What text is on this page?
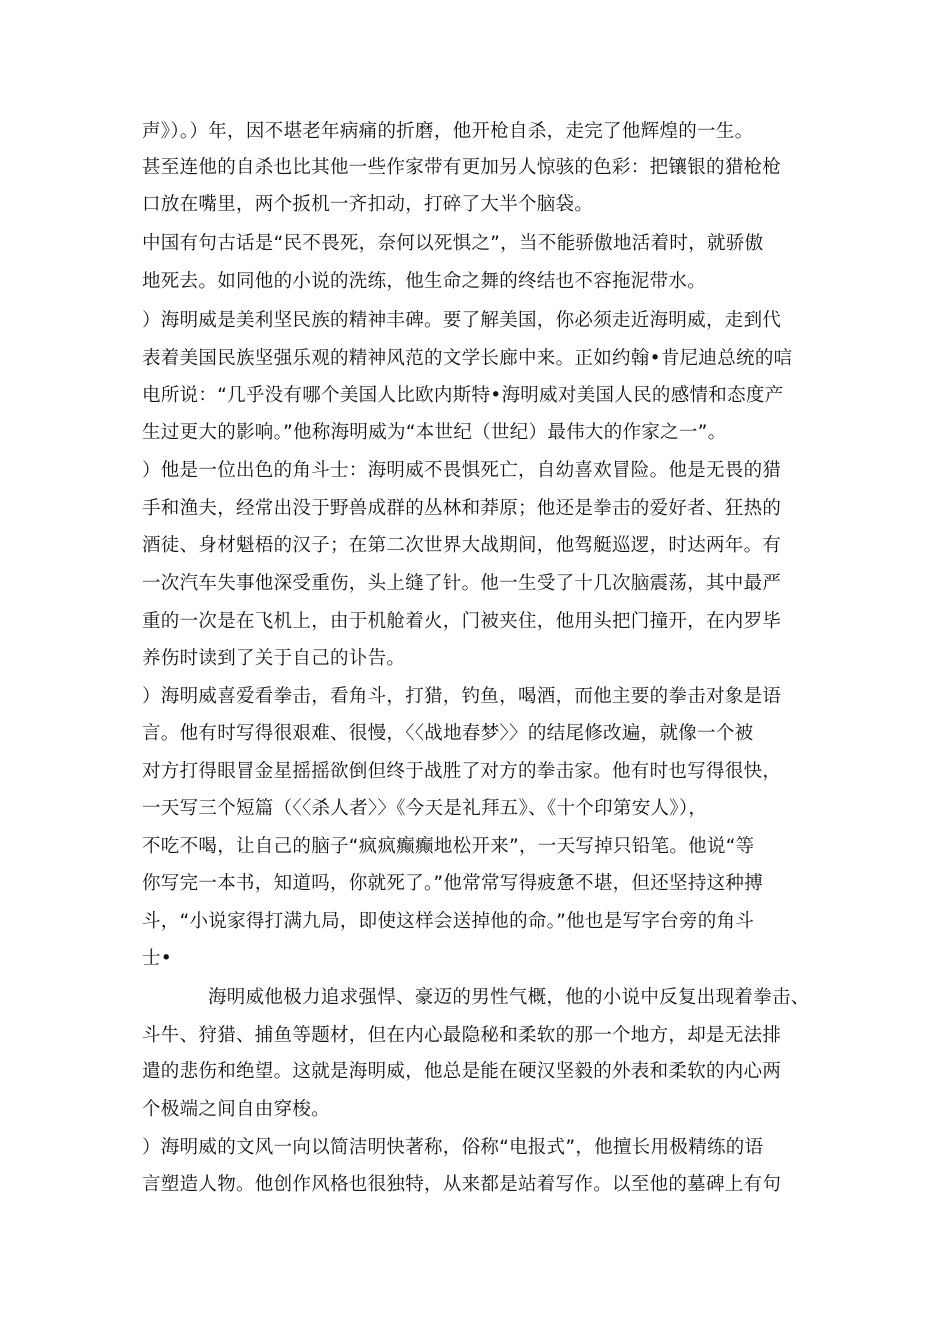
声》）。）年，因不堪老年病痛的折磨，他开枪自杀，走完了他辉煌的一生。
甚至连他的自杀也比其他一些作家带有更加另人惊骇的色彩：把镶银的猎枪枪
口放在嘴里，两个扳机一齐扣动，打碎了大半个脑袋。
中国有句古话是“民不畏死，奈何以死惧之”，当不能骄傲地活着时，就骄傲
地死去。如同他的小说的洗练，他生命之舞的终结也不容拖泥带水。
）海明威是美利坚民族的精神丰碑。要了解美国，你必须走近海明威，走到代
表着美国民族坚强乐观的精神风范的文学长廊中来。正如约翰•肯尼迪总统的唁
电所说：“几乎没有哪个美国人比欧内斯特•海明威对美国人民的感情和态度产
生过更大的影响。”他称海明威为“本世纪（世纪）最伟大的作家之一”。
）他是一位出色的角斗士：海明威不畏惧死亡，自幼喜欢冒险。他是无畏的猎
手和渔夫，经常出没于野兽成群的丛林和莽原；他还是拳击的爱好者、狂热的
酒徒、身材魁梧的汉子；在第二次世界大战期间，他驾艇巡逻，时达两年。有
一次汽车失事他深受重伤，头上缝了针。他一生受了十几次脑震荡，其中最严
重的一次是在飞机上，由于机舱着火，门被夹住，他用头把门撞开，在内罗毕
养伤时读到了关于自己的讣告。
）海明威喜爱看拳击，看角斗，打猎，钓鱼，喝酒，而他主要的拳击对象是语
言。他有时写得很艰难、很慢，〈〈战地春梦〉〉的结尾修改遍，就像一个被
对方打得眼冒金星摇摇欲倒但终于战胜了对方的拳击家。他有时也写得很快，
一天写三个短篇（〈〈杀人者〉〉《今天是礼拜五》、《十个印第安人》），
不吃不喝，让自己的脑子“疯疯癫癫地松开来”，一天写掉只铅笔。他说“等
你写完一本书，知道吗，你就死了。”他常常写得疲惫不堪，但还坚持这种搏
斗，“小说家得打满九局，即使这样会送掉他的命。”他也是写字台旁的角斗
士•
海明威他极力追求强悍、豪迈的男性气概，他的小说中反复出现着拳击、
斗牛、狩猎、捕鱼等题材，但在内心最隐秘和柔软的那一个地方，却是无法排
遣的悲伤和绝望。这就是海明威，他总是能在硬汉坚毅的外表和柔软的内心两
个极端之间自由穿梭。
）海明威的文风一向以简洁明快著称，俗称“电报式”，他擅长用极精练的语
言塑造人物。他创作风格也很独特，从来都是站着写作。以至他的墓碑上有句
